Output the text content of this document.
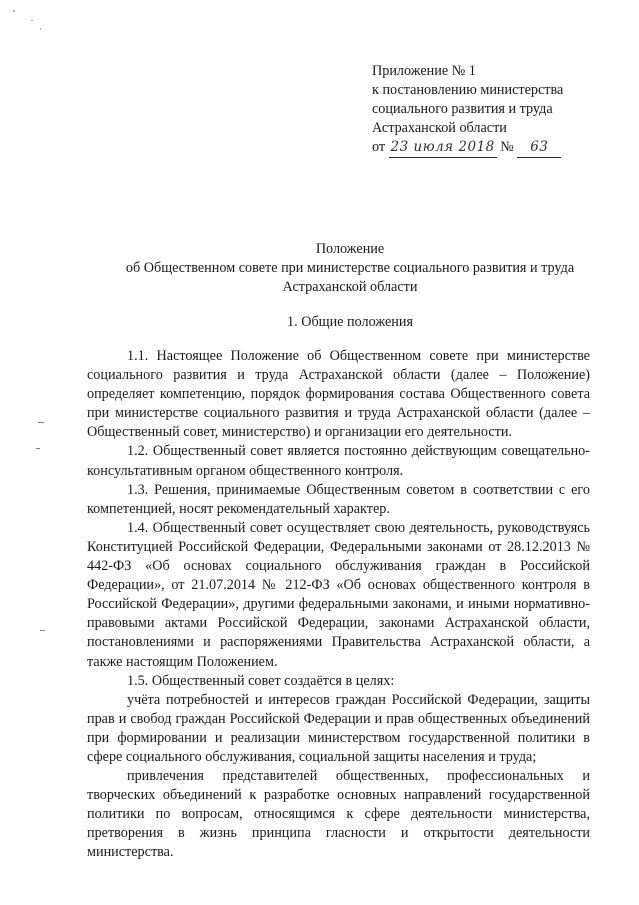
Приложение № 1
к постановлению министерства
социального развития и труда
Астраханской области
от 23 июля 2018 № 63
Положение
об Общественном совете при министерстве социального развития и труда
Астраханской области
1. Общие положения

1.1. Настоящее Положение об Общественном совете при министерстве социального развития и труда Астраханской области (далее – Положение) определяет компетенцию, порядок формирования состава Общественного совета при министерстве социального развития и труда Астраханской области (далее – Общественный совет, министерство) и организации его деятельности.

1.2. Общественный совет является постоянно действующим совещательно-консультативным органом общественного контроля.

1.3. Решения, принимаемые Общественным советом в соответствии с его компетенцией, носят рекомендательный характер.

1.4. Общественный совет осуществляет свою деятельность, руководствуясь Конституцией Российской Федерации, Федеральными законами от 28.12.2013 № 442-ФЗ «Об основах социального обслуживания граждан в Российской Федерации», от 21.07.2014 № 212-ФЗ «Об основах общественного контроля в Российской Федерации», другими федеральными законами, и иными нормативно-правовыми актами Российской Федерации, законами Астраханской области, постановлениями и распоряжениями Правительства Астраханской области, а также настоящим Положением.

1.5. Общественный совет создаётся в целях:

учёта потребностей и интересов граждан Российской Федерации, защиты прав и свобод граждан Российской Федерации и прав общественных объединений при формировании и реализации министерством государственной политики в сфере социального обслуживания, социальной защиты населения и труда;

привлечения представителей общественных, профессиональных и творческих объединений к разработке основных направлений государственной политики по вопросам, относящимся к сфере деятельности министерства, претворения в жизнь принципа гласности и открытости деятельности министерства.
